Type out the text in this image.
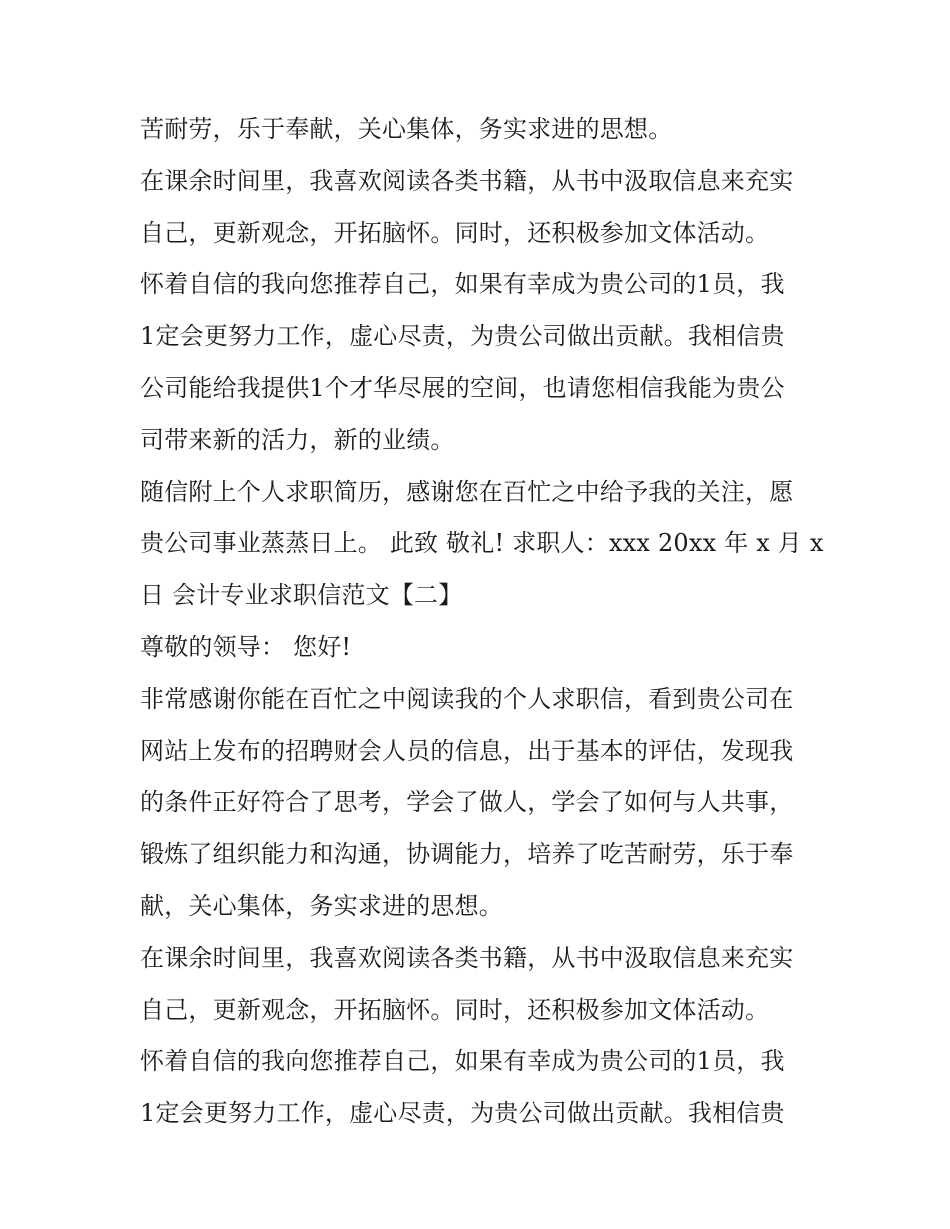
苦耐劳，乐于奉献，关心集体，务实求进的思想。
在课余时间里，我喜欢阅读各类书籍，从书中汲取信息来充实
自己，更新观念，开拓脑怀。同时，还积极参加文体活动。
怀着自信的我向您推荐自己，如果有幸成为贵公司的1员，我
1定会更努力工作，虚心尽责，为贵公司做出贡献。我相信贵
公司能给我提供1个才华尽展的空间，也请您相信我能为贵公
司带来新的活力，新的业绩。
随信附上个人求职简历，感谢您在百忙之中给予我的关注，愿
贵公司事业蒸蒸日上。 此致 敬礼! 求职人：xxx 20xx 年 x 月 x
日 会计专业求职信范文【二】
尊敬的领导： 您好!
非常感谢你能在百忙之中阅读我的个人求职信，看到贵公司在
网站上发布的招聘财会人员的信息，出于基本的评估，发现我
的条件正好符合了思考，学会了做人，学会了如何与人共事，
锻炼了组织能力和沟通，协调能力，培养了吃苦耐劳，乐于奉
献，关心集体，务实求进的思想。
在课余时间里，我喜欢阅读各类书籍，从书中汲取信息来充实
自己，更新观念，开拓脑怀。同时，还积极参加文体活动。
怀着自信的我向您推荐自己，如果有幸成为贵公司的1员，我
1定会更努力工作，虚心尽责，为贵公司做出贡献。我相信贵
